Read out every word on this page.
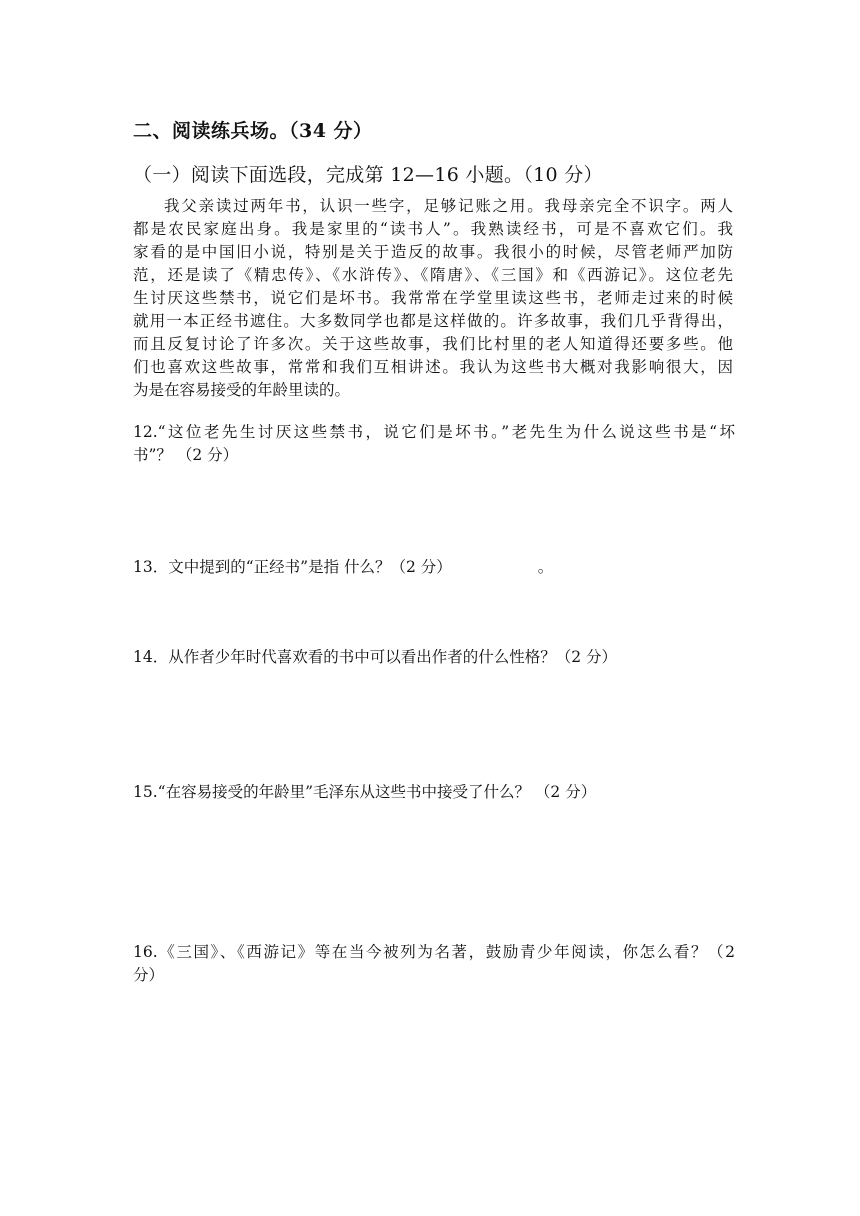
二、阅读练兵场。（34 分）
（一）阅读下面选段，完成第 12—16 小题。（10 分）
我父亲读过两年书，认识一些字，足够记账之用。我母亲完全不识字。两人
都是农民家庭出身。我是家里的“读书人”。我熟读经书，可是不喜欢它们。我
家看的是中国旧小说，特别是关于造反的故事。我很小的时候，尽管老师严加防
范，还是读了《精忠传》、《水浒传》、《隋唐》、《三国》和《西游记》。这位老先
生讨厌这些禁书，说它们是坏书。我常常在学堂里读这些书，老师走过来的时候
就用一本正经书遮住。大多数同学也都是这样做的。许多故事，我们几乎背得出，
而且反复讨论了许多次。关于这些故事，我们比村里的老人知道得还要多些。他
们也喜欢这些故事，常常和我们互相讲述。我认为这些书大概对我影响很大，因
为是在容易接受的年龄里读的。
12.“这位老先生讨厌这些禁书，说它们是坏书。”老先生为什么说这些书是“坏
书”？ （2 分）
13．文中提到的“正经书”是指 什么？（2 分）	。
14．从作者少年时代喜欢看的书中可以看出作者的什么性格？（2 分）
15.“在容易接受的年龄里”毛泽东从这些书中接受了什么？ （2 分）
16.《三国》、《西游记》等在当今被列为名著，鼓励青少年阅读，你怎么看？（2
分）
